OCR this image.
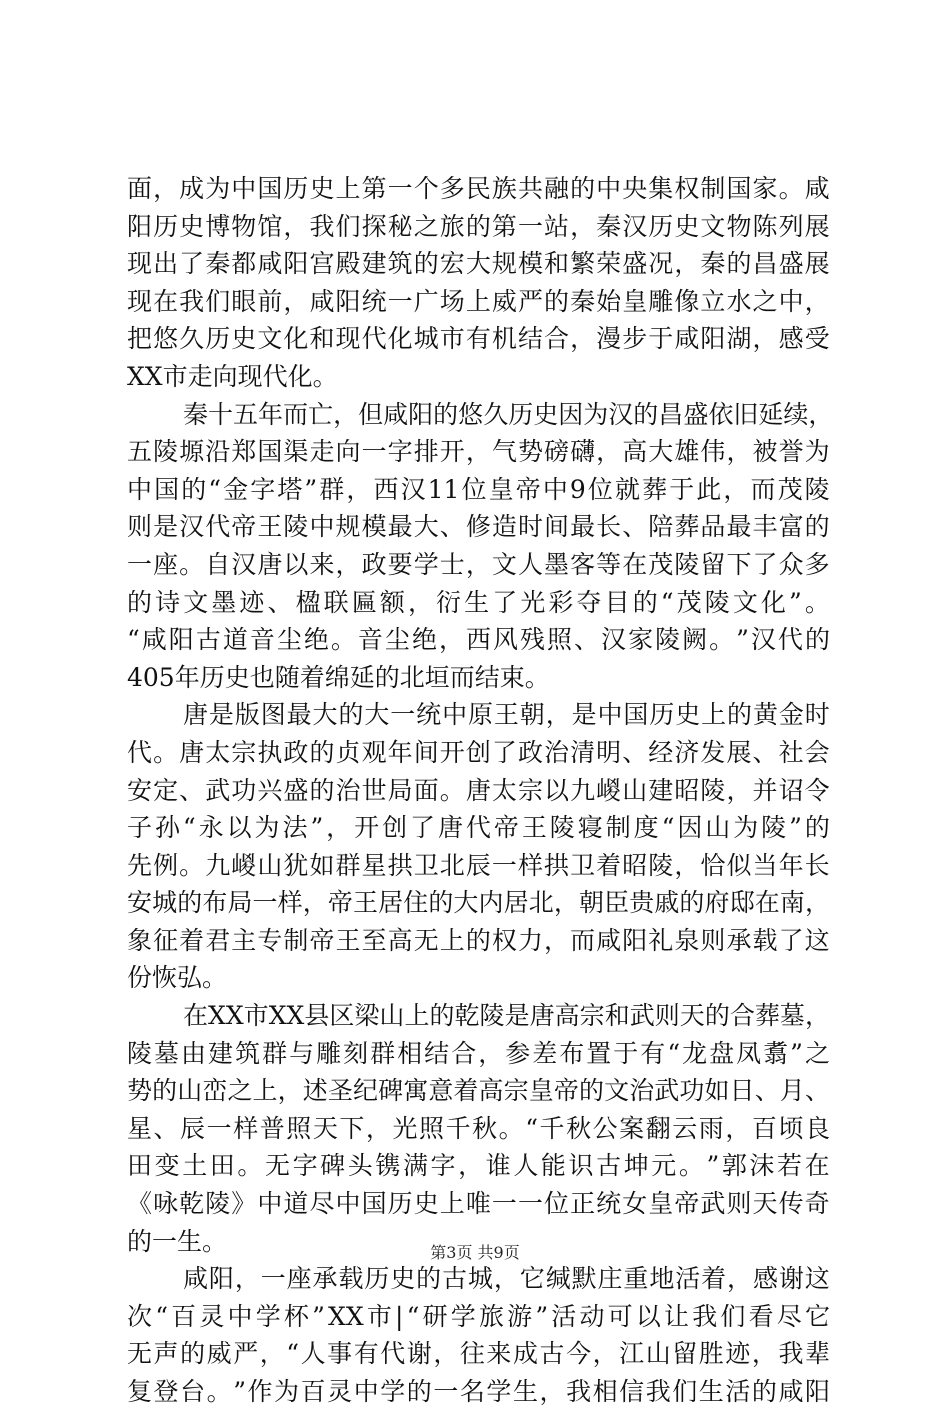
面 ， 成 为 中 国 历 史 上 第 一 个 多 民 族 共 融 的 中 央 集 权 制 国 家 。 咸
阳 历 史 博 物 馆 ， 我 们 探 秘 之 旅 的 第 一 站 ， 秦 汉 历 史 文 物 陈 列 展
现 出 了 秦 都 咸 阳 宫 殿 建 筑 的 宏 大 规 模 和 繁 荣 盛 况 ， 秦 的 昌 盛 展
现 在 我 们 眼 前 ， 咸 阳 统 一 广 场 上 威 严 的 秦 始 皇 雕 像 立 水 之 中 ，
把 悠 久 历 史 文 化 和 现 代 化 城 市 有 机 结 合 ， 漫 步 于 咸 阳 湖 ， 感 受
XX市走向现代化。
秦 十 五 年 而 亡 ， 但 咸 阳 的 悠 久 历 史 因 为 汉 的 昌 盛 依 旧 延 续 ，
五 陵 塬 沿 郑 国 渠 走 向 一 字 排 开 ， 气 势 磅 礴 ， 高 大 雄 伟 ， 被 誉 为
中 国 的 “ 金 字 塔 ” 群 ， 西 汉 11 位 皇 帝 中 9 位 就 葬 于 此 ， 而 茂 陵
则 是 汉 代 帝 王 陵 中 规 模 最 大 、 修 造 时 间 最 长 、 陪 葬 品 最 丰 富 的
一 座 。 自 汉 唐 以 来 ， 政 要 学 士 ， 文 人 墨 客 等 在 茂 陵 留 下 了 众 多
的 诗 文 墨 迹 、 楹 联 匾 额 ， 衍 生 了 光 彩 夺 目 的 “ 茂 陵 文 化 ” 。
“ 咸 阳 古 道 音 尘 绝 。 音 尘 绝 ， 西 风 残 照 、 汉 家 陵 阙 。 ” 汉 代 的
405年历史也随着绵延的北垣而结束。
唐 是 版 图 最 大 的 大 一 统 中 原 王 朝 ， 是 中 国 历 史 上 的 黄 金 时
代 。 唐 太 宗 执 政 的 贞 观 年 间 开 创 了 政 治 清 明 、 经 济 发 展 、 社 会
安 定 、 武 功 兴 盛 的 治 世 局 面 。 唐 太 宗 以 九 嵕 山 建 昭 陵 ， 并 诏 令
子 孙 “ 永 以 为 法 ” ， 开 创 了 唐 代 帝 王 陵 寝 制 度 “ 因 山 为 陵 ” 的
先 例 。 九 嵕 山 犹 如 群 星 拱 卫 北 辰 一 样 拱 卫 着 昭 陵 ， 恰 似 当 年 长
安 城 的 布 局 一 样 ， 帝 王 居 住 的 大 内 居 北 ， 朝 臣 贵 戚 的 府 邸 在 南 ，
象 征 着 君 主 专 制 帝 王 至 高 无 上 的 权 力 ， 而 咸 阳 礼 泉 则 承 载 了 这
份恢弘。
在 XX 市 XX 县 区 梁 山 上 的 乾 陵 是 唐 高 宗 和 武 则 天 的 合 葬 墓 ，
陵 墓 由 建 筑 群 与 雕 刻 群 相 结 合 ， 参 差 布 置 于 有 “ 龙 盘 凤 翥 ” 之
势 的 山 峦 之 上 ， 述 圣 纪 碑 寓 意 着 高 宗 皇 帝 的 文 治 武 功 如 日 、 月 、
星 、 辰 一 样 普 照 天 下 ， 光 照 千 秋 。 “ 千 秋 公 案 翻 云 雨 ， 百 顷 良
田 变 土 田 。 无 字 碑 头 镌 满 字 ， 谁 人 能 识 古 坤 元 。 ” 郭 沫 若 在
《 咏 乾 陵 》 中 道 尽 中 国 历 史 上 唯 一 一 位 正 统 女 皇 帝 武 则 天 传 奇
的一生。
咸 阳 ， 一 座 承 载 历 史 的 古 城 ， 它 缄 默 庄 重 地 活 着 ， 感 谢 这
次 “ 百 灵 中 学 杯 ” XX 市 | “ 研 学 旅 游 ” 活 动 可 以 让 我 们 看 尽 它
无 声 的 威 严 ， “ 人 事 有 代 谢 ， 往 来 成 古 今 ， 江 山 留 胜 迹 ， 我 辈
复 登 台 。 ” 作 为 百 灵 中 学 的 一 名 学 生 ， 我 相 信 我 们 生 活 的 咸 阳
第3页 共9页
